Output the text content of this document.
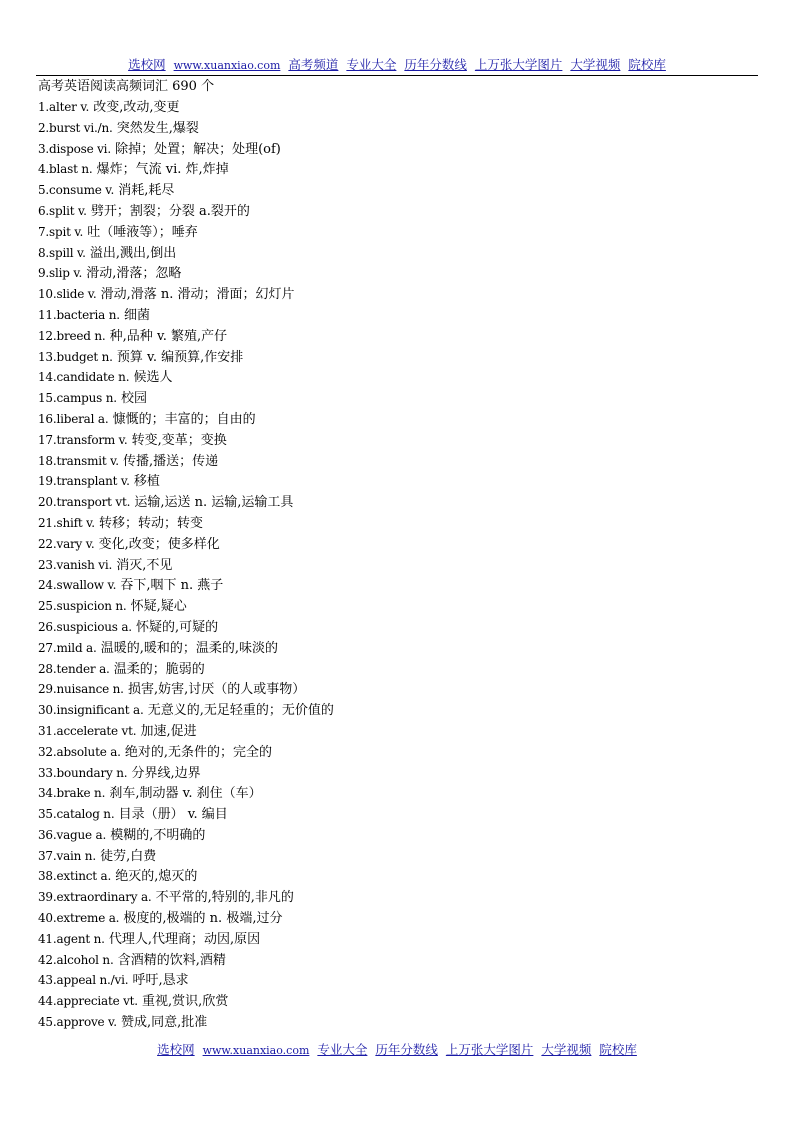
选校网 www.xuanxiao.com 高考频道 专业大全 历年分数线 上万张大学图片 大学视频 院校库
高考英语阅读高频词汇 690 个
1.alter v. 改变,改动,变更
2.burst vi./n. 突然发生,爆裂
3.dispose vi. 除掉；处置；解决；处理(of)
4.blast n. 爆炸；气流 vi. 炸,炸掉
5.consume v. 消耗,耗尽
6.split v. 劈开；割裂；分裂 a.裂开的
7.spit v. 吐（唾液等）；唾弃
8.spill v. 溢出,溅出,倒出
9.slip v. 滑动,滑落；忽略
10.slide v. 滑动,滑落 n. 滑动；滑面；幻灯片
11.bacteria n. 细菌
12.breed n. 种,品种 v. 繁殖,产仔
13.budget n. 预算 v. 编预算,作安排
14.candidate n. 候选人
15.campus n. 校园
16.liberal a. 慷慨的；丰富的；自由的
17.transform v. 转变,变革；变换
18.transmit v. 传播,播送；传递
19.transplant v. 移植
20.transport vt. 运输,运送 n. 运输,运输工具
21.shift v. 转移；转动；转变
22.vary v. 变化,改变；使多样化
23.vanish vi. 消灭,不见
24.swallow v. 吞下,咽下 n. 燕子
25.suspicion n. 怀疑,疑心
26.suspicious a. 怀疑的,可疑的
27.mild a. 温暖的,暖和的；温柔的,味淡的
28.tender a. 温柔的；脆弱的
29.nuisance n. 损害,妨害,讨厌（的人或事物）
30.insignificant a. 无意义的,无足轻重的；无价值的
31.accelerate vt. 加速,促进
32.absolute a. 绝对的,无条件的；完全的
33.boundary n. 分界线,边界
34.brake n. 刹车,制动器 v. 刹住（车）
35.catalog n. 目录（册） v. 编目
36.vague a. 模糊的,不明确的
37.vain n. 徒劳,白费
38.extinct a. 绝灭的,熄灭的
39.extraordinary a. 不平常的,特别的,非凡的
40.extreme a. 极度的,极端的 n. 极端,过分
41.agent n. 代理人,代理商；动因,原因
42.alcohol n. 含酒精的饮料,酒精
43.appeal n./vi. 呼吁,恳求
44.appreciate vt. 重视,赏识,欣赏
45.approve v. 赞成,同意,批准
选校网 www.xuanxiao.com 专业大全 历年分数线 上万张大学图片 大学视频 院校库
